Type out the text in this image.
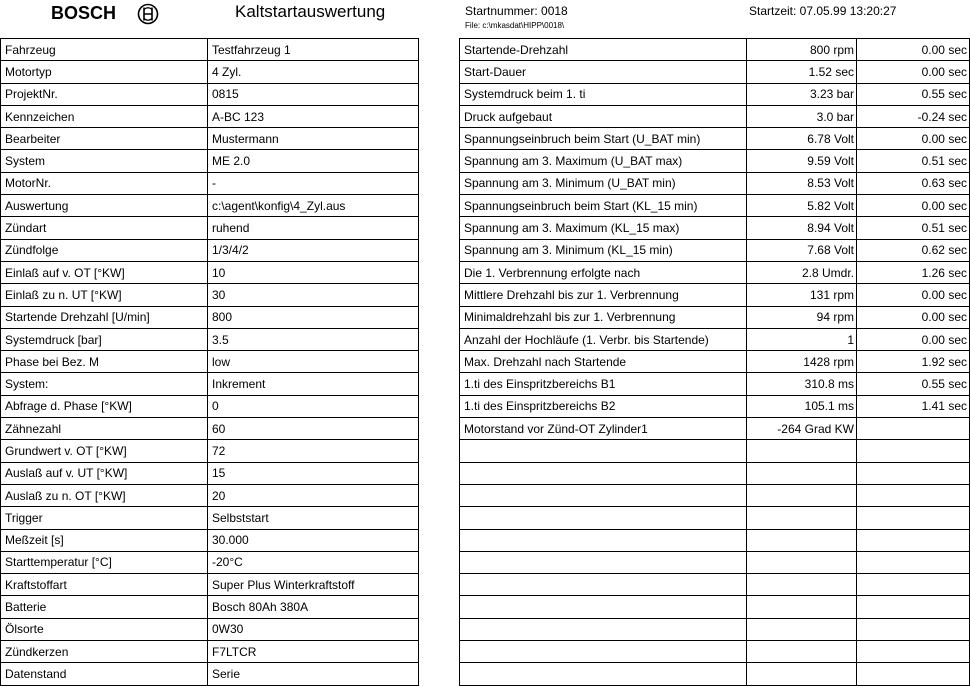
BOSCH	Kaltstartauswertung	Startnummer: 0018	Startzeit: 07.05.99 13:20:27
File: c:\mkasdat\HIPP\0018\
Fahrzeug	Testfahrzeug 1
Motortyp	4 Zyl.
ProjektNr.	0815
Kennzeichen	A-BC 123
Bearbeiter	Mustermann
System	ME 2.0
MotorNr.	-
Auswertung	c:\agent\konfig\4_Zyl.aus
Zündart	ruhend
Zündfolge	1/3/4/2
Einlaß auf v. OT [°KW]	10
Einlaß zu n. UT [°KW]	30
Startende Drehzahl [U/min]	800
Systemdruck [bar]	3.5
Phase bei Bez. M	low
System:	Inkrement
Abfrage d. Phase [°KW]	0
Zähnezahl	60
Grundwert v. OT [°KW]	72
Auslaß auf v. UT [°KW]	15
Auslaß zu n. OT [°KW]	20
Trigger	Selbststart
Meßzeit [s]	30.000
Starttemperatur [°C]	-20°C
Kraftstoffart	Super Plus Winterkraftstoff
Batterie	Bosch 80Ah 380A
Ölsorte	0W30
Zündkerzen	F7LTCR
Datenstand	Serie
Startende-Drehzahl	800 rpm	0.00 sec
Start-Dauer	1.52 sec	0.00 sec
Systemdruck beim 1. ti	3.23 bar	0.55 sec
Druck aufgebaut	3.0 bar	-0.24 sec
Spannungseinbruch beim Start (U_BAT min)	6.78 Volt	0.00 sec
Spannung am 3. Maximum (U_BAT max)	9.59 Volt	0.51 sec
Spannung am 3. Minimum (U_BAT min)	8.53 Volt	0.63 sec
Spannungseinbruch beim Start (KL_15 min)	5.82 Volt	0.00 sec
Spannung am 3. Maximum (KL_15 max)	8.94 Volt	0.51 sec
Spannung am 3. Minimum (KL_15 min)	7.68 Volt	0.62 sec
Die 1. Verbrennung erfolgte nach	2.8 Umdr.	1.26 sec
Mittlere Drehzahl bis zur 1. Verbrennung	131 rpm	0.00 sec
Minimaldrehzahl bis zur 1. Verbrennung	94 rpm	0.00 sec
Anzahl der Hochläufe (1. Verbr. bis Startende)	1	0.00 sec
Max. Drehzahl nach Startende	1428 rpm	1.92 sec
1.ti des Einspritzbereichs B1	310.8 ms	0.55 sec
1.ti des Einspritzbereichs B2	105.1 ms	1.41 sec
Motorstand vor Zünd-OT Zylinder1	-264 Grad KW	
